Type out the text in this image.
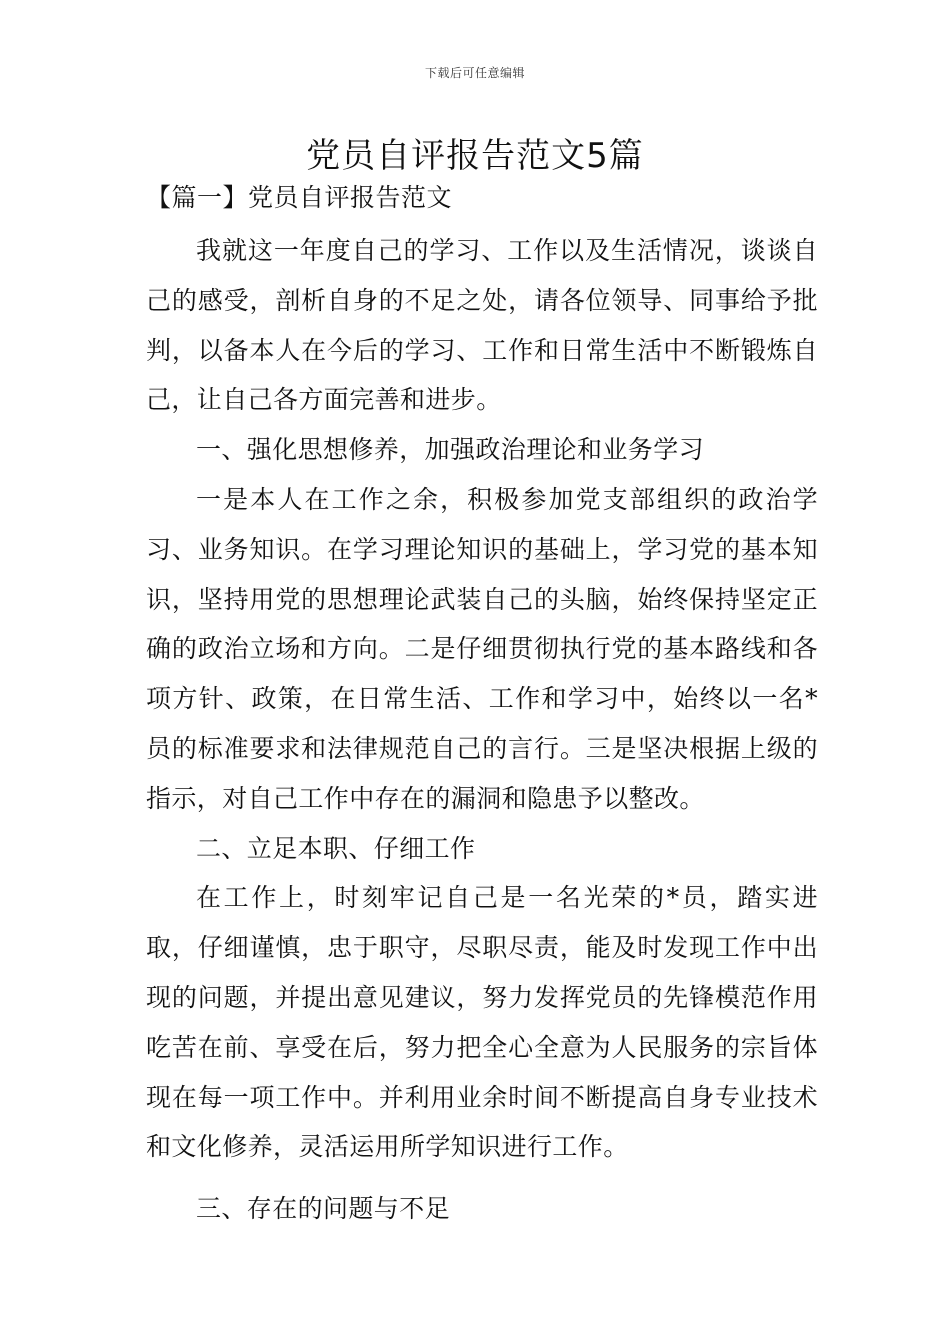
下载后可任意编辑
党员自评报告范文5篇
【篇一】党员自评报告范文

我就这一年度自己的学习、工作以及生活情况，谈谈自己的感受，剖析自身的不足之处，请各位领导、同事给予批判，以备本人在今后的学习、工作和日常生活中不断锻炼自己，让自己各方面完善和进步。

一、强化思想修养，加强政治理论和业务学习

一是本人在工作之余，积极参加党支部组织的政治学习、业务知识。在学习理论知识的基础上，学习党的基本知识，坚持用党的思想理论武装自己的头脑，始终保持坚定正确的政治立场和方向。二是仔细贯彻执行党的基本路线和各项方针、政策，在日常生活、工作和学习中，始终以一名*员的标准要求和法律规范自己的言行。三是坚决根据上级的指示，对自己工作中存在的漏洞和隐患予以整改。

二、立足本职、仔细工作

在工作上，时刻牢记自己是一名光荣的*员，踏实进取，仔细谨慎，忠于职守，尽职尽责，能及时发现工作中出现的问题，并提出意见建议，努力发挥党员的先锋模范作用吃苦在前、享受在后，努力把全心全意为人民服务的宗旨体现在每一项工作中。并利用业余时间不断提高自身专业技术和文化修养，灵活运用所学知识进行工作。

三、存在的问题与不足
